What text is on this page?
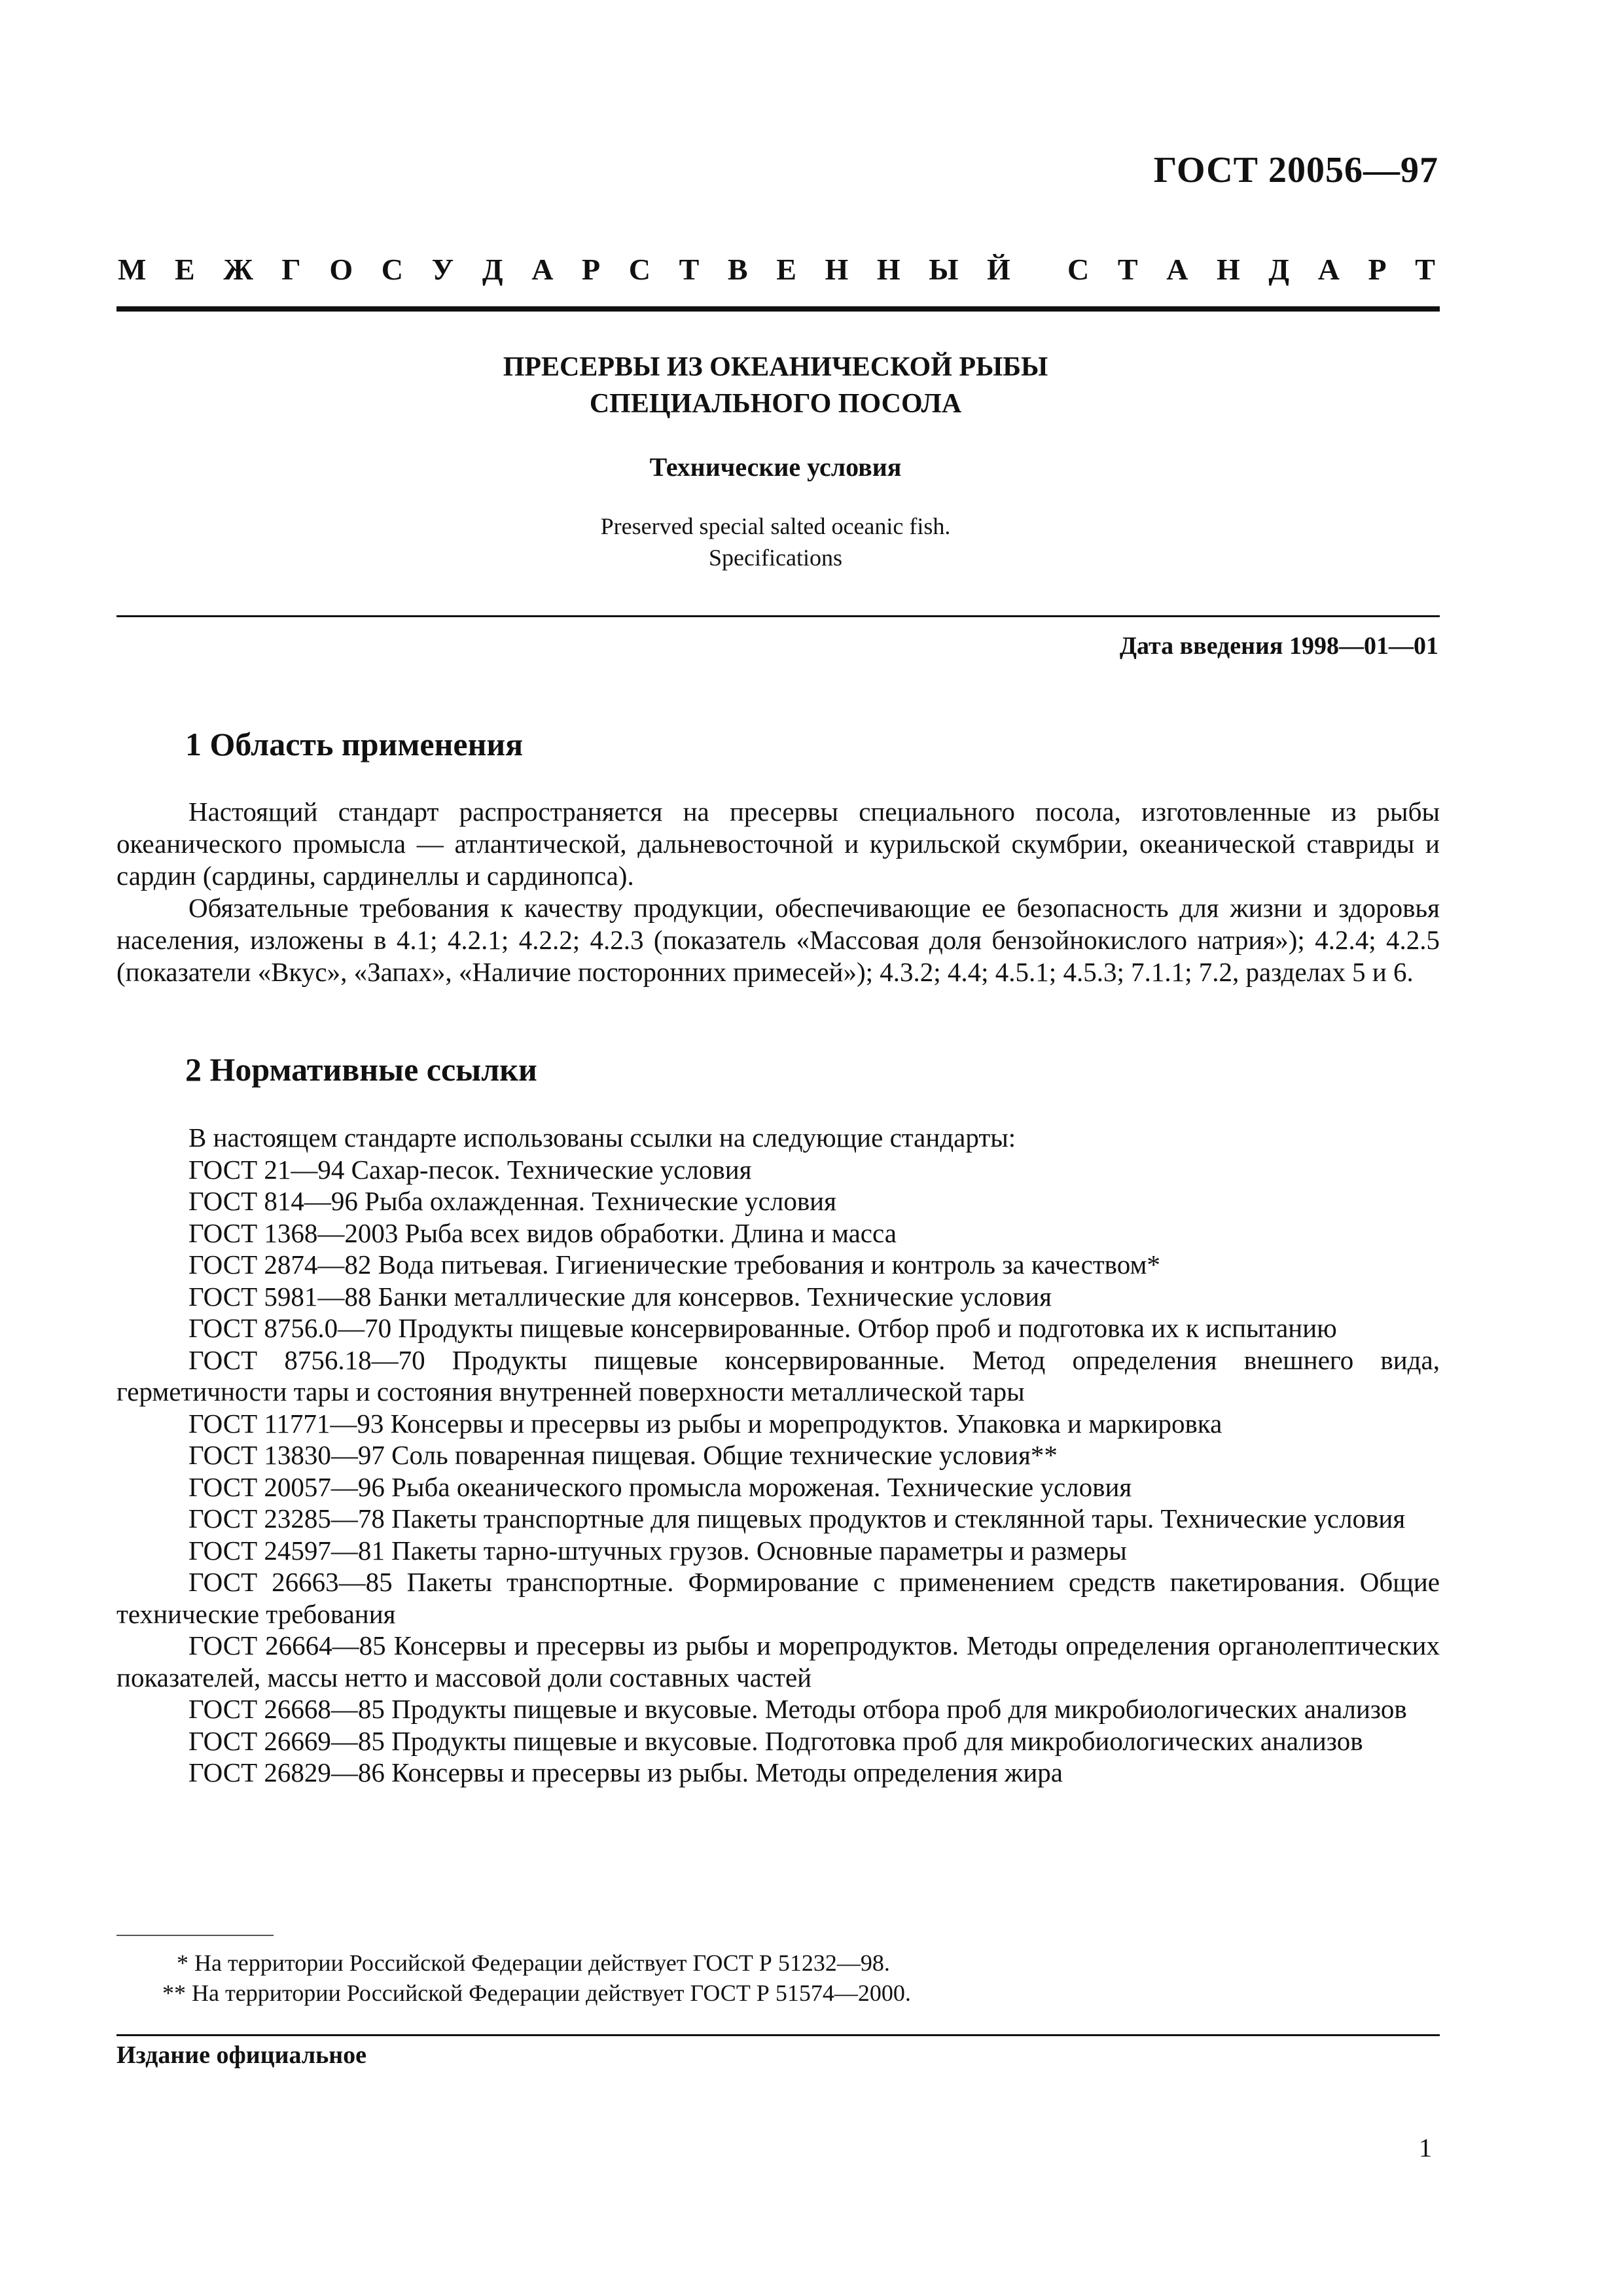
ГОСТ 20056—97
М Е Ж Г О С У Д А Р С Т В Е Н Н Ы Й С Т А Н Д А Р Т
ПРЕСЕРВЫ ИЗ ОКЕАНИЧЕСКОЙ РЫБЫ
СПЕЦИАЛЬНОГО ПОСОЛА
Технические условия
Preserved special salted oceanic fish.
Specifications
Дата введения 1998—01—01
1 Область применения

Настоящий стандарт распространяется на пресервы специального посола, изготовленные из рыбы океанического промысла — атлантической, дальневосточной и курильской скумбрии, океанической ставриды и сардин (сардины, сардинеллы и сардинопса).

Обязательные требования к качеству продукции, обеспечивающие ее безопасность для жизни и здоровья населения, изложены в 4.1; 4.2.1; 4.2.2; 4.2.3 (показатель «Массовая доля бензойнокислого натрия»); 4.2.4; 4.2.5 (показатели «Вкус», «Запах», «Наличие посторонних примесей»); 4.3.2; 4.4; 4.5.1; 4.5.3; 7.1.1; 7.2, разделах 5 и 6.

2 Нормативные ссылки

В настоящем стандарте использованы ссылки на следующие стандарты:

ГОСТ 21—94 Сахар-песок. Технические условия

ГОСТ 814—96 Рыба охлажденная. Технические условия

ГОСТ 1368—2003 Рыба всех видов обработки. Длина и масса

ГОСТ 2874—82 Вода питьевая. Гигиенические требования и контроль за качеством*

ГОСТ 5981—88 Банки металлические для консервов. Технические условия

ГОСТ 8756.0—70 Продукты пищевые консервированные. Отбор проб и подготовка их к испытанию

ГОСТ 8756.18—70 Продукты пищевые консервированные. Метод определения внешнего вида, герметичности тары и состояния внутренней поверхности металлической тары

ГОСТ 11771—93 Консервы и пресервы из рыбы и морепродуктов. Упаковка и маркировка

ГОСТ 13830—97 Соль поваренная пищевая. Общие технические условия**

ГОСТ 20057—96 Рыба океанического промысла мороженая. Технические условия

ГОСТ 23285—78 Пакеты транспортные для пищевых продуктов и стеклянной тары. Технические условия

ГОСТ 24597—81 Пакеты тарно-штучных грузов. Основные параметры и размеры

ГОСТ 26663—85 Пакеты транспортные. Формирование с применением средств пакетирования. Общие технические требования

ГОСТ 26664—85 Консервы и пресервы из рыбы и морепродуктов. Методы определения органолептических показателей, массы нетто и массовой доли составных частей

ГОСТ 26668—85 Продукты пищевые и вкусовые. Методы отбора проб для микробиологических анализов

ГОСТ 26669—85 Продукты пищевые и вкусовые. Подготовка проб для микробиологических анализов

ГОСТ 26829—86 Консервы и пресервы из рыбы. Методы определения жира

* На территории Российской Федерации действует ГОСТ Р 51232—98.

** На территории Российской Федерации действует ГОСТ Р 51574—2000.

Издание официальное
1
